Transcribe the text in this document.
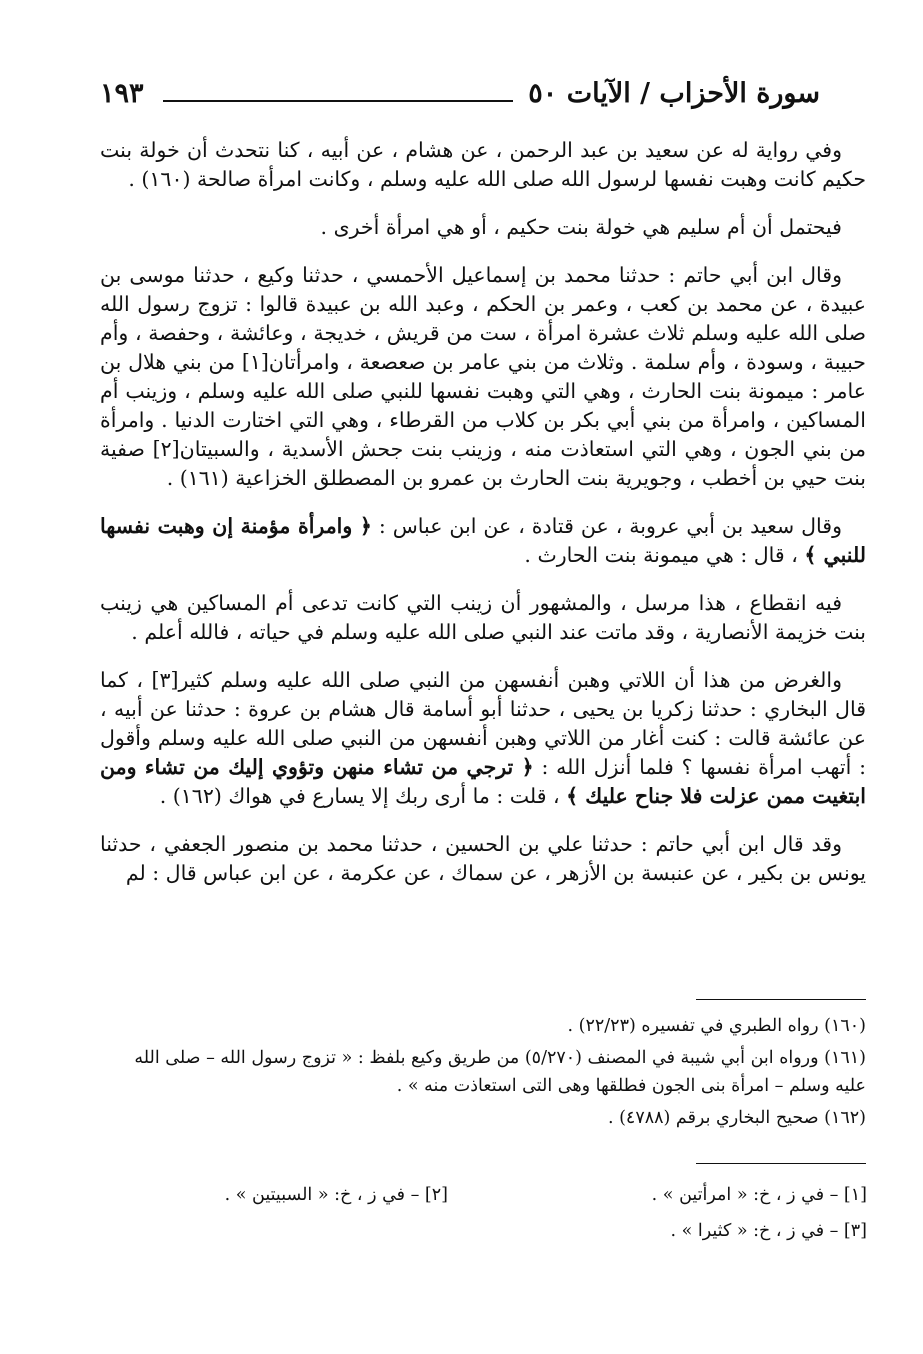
سورة الأحزاب / الآيات ٥٠
١٩٣

وفي رواية له عن سعيد بن عبد الرحمن ، عن هشام ، عن أبيه ، كنا نتحدث أن خولة بنت حكيم كانت وهبت نفسها لرسول الله صلى الله عليه وسلم ، وكانت امرأة صالحة (١٦٠) .

فيحتمل أن أم سليم هي خولة بنت حكيم ، أو هي امرأة أخرى .

وقال ابن أبي حاتم : حدثنا محمد بن إسماعيل الأحمسي ، حدثنا وكيع ، حدثنا موسى بن عبيدة ، عن محمد بن كعب ، وعمر بن الحكم ، وعبد الله بن عبيدة قالوا : تزوج رسول الله صلى الله عليه وسلم ثلاث عشرة امرأة ، ست من قريش ، خديجة ، وعائشة ، وحفصة ، وأم حبيبة ، وسودة ، وأم سلمة . وثلاث من بني عامر بن صعصعة ، وامرأتان[١] من بني هلال بن عامر : ميمونة بنت الحارث ، وهي التي وهبت نفسها للنبي صلى الله عليه وسلم ، وزينب أم المساكين ، وامرأة من بني أبي بكر بن كلاب من القرطاء ، وهي التي اختارت الدنيا . وامرأة من بني الجون ، وهي التي استعاذت منه ، وزينب بنت جحش الأسدية ، والسبيتان[٢] صفية بنت حيي بن أخطب ، وجويرية بنت الحارث بن عمرو بن المصطلق الخزاعية (١٦١) .

وقال سعيد بن أبي عروبة ، عن قتادة ، عن ابن عباس : ﴿ وامرأة مؤمنة إن وهبت نفسها للنبي ﴾ ، قال : هي ميمونة بنت الحارث .

فيه انقطاع ، هذا مرسل ، والمشهور أن زينب التي كانت تدعى أم المساكين هي زينب بنت خزيمة الأنصارية ، وقد ماتت عند النبي صلى الله عليه وسلم في حياته ، فالله أعلم .

والغرض من هذا أن اللاتي وهبن أنفسهن من النبي صلى الله عليه وسلم كثير[٣] ، كما قال البخاري : حدثنا زكريا بن يحيى ، حدثنا أبو أسامة قال هشام بن عروة : حدثنا عن أبيه ، عن عائشة قالت : كنت أغار من اللاتي وهبن أنفسهن من النبي صلى الله عليه وسلم وأقول : أتهب امرأة نفسها ؟ فلما أنزل الله : ﴿ ترجي من تشاء منهن وتؤوي إليك من تشاء ومن ابتغيت ممن عزلت فلا جناح عليك ﴾ ، قلت : ما أرى ربك إلا يسارع في هواك (١٦٢) .

وقد قال ابن أبي حاتم : حدثنا علي بن الحسين ، حدثنا محمد بن منصور الجعفي ، حدثنا يونس بن بكير ، عن عنبسة بن الأزهر ، عن سماك ، عن عكرمة ، عن ابن عباس قال : لم

(١٦٠) رواه الطبري في تفسيره (٢٢/٢٣) .

(١٦١) ورواه ابن أبي شيبة في المصنف (٥/٢٧٠) من طريق وكيع بلفظ : « تزوج رسول الله – صلى الله عليه وسلم – امرأة بنى الجون فطلقها وهى التى استعاذت منه » .

(١٦٢) صحيح البخاري برقم (٤٧٨٨) .

[١] – في ز ، خ: « امرأتين » .
[٢] – في ز ، خ: « السبيتين » .
[٣] – في ز ، خ: « كثيرا » .
